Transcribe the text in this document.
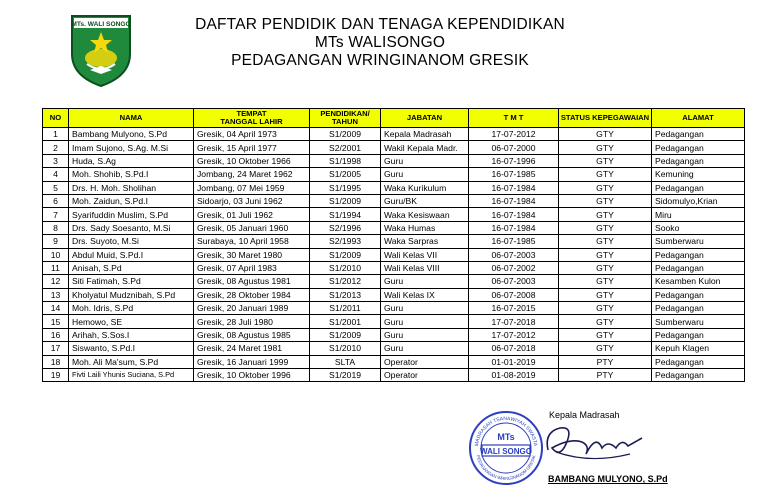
MTs. WALI SONGO	DAFTAR PENDIDIK DAN TENAGA KEPENDIDIKAN
MTs WALISONGO
PEDAGANGAN WRINGINANOM GRESIK
NO	NAMA	TEMPAT TANGGAL LAHIR	PENDIDIKAN/ TAHUN	JABATAN	T M T	STATUS KEPEGAWAIAN	ALAMAT
1	Bambang Mulyono, S.Pd	Gresik, 04 April 1973	S1/2009	Kepala Madrasah	17-07-2012	GTY	Pedagangan
2	Imam Sujono, S.Ag. M.Si	Gresik, 15 April 1977	S2/2001	Wakil Kepala Madr.	06-07-2000	GTY	Pedagangan
3	Huda, S.Ag	Gresik, 10 Oktober 1966	S1/1998	Guru	16-07-1996	GTY	Pedagangan
4	Moh. Shohib, S.Pd.I	Jombang, 24 Maret 1962	S1/2005	Guru	16-07-1985	GTY	Kemuning
5	Drs. H. Moh. Sholihan	Jombang, 07 Mei 1959	S1/1995	Waka Kurikulum	16-07-1984	GTY	Pedagangan
6	Moh. Zaidun, S.Pd.I	Sidoarjo, 03 Juni 1962	S1/2009	Guru/BK	16-07-1984	GTY	Sidomulyo,Krian
7	Syarifuddin Muslim, S.Pd	Gresik, 01 Juli 1962	S1/1994	Waka Kesiswaan	16-07-1984	GTY	Miru
8	Drs. Sady Soesanto, M.Si	Gresik, 05 Januari 1960	S2/1996	Waka Humas	16-07-1984	GTY	Sooko
9	Drs. Suyoto, M.Si	Surabaya, 10 April 1958	S2/1993	Waka Sarpras	16-07-1985	GTY	Sumberwaru
10	Abdul Muid, S.Pd.I	Gresik, 30 Maret 1980	S1/2009	Wali Kelas VII	06-07-2003	GTY	Pedagangan
11	Anisah, S.Pd	Gresik, 07 April 1983	S1/2010	Wali Kelas VIII	06-07-2002	GTY	Pedagangan
12	Siti Fatimah, S.Pd	Gresik, 08 Agustus 1981	S1/2012	Guru	06-07-2003	GTY	Kesamben Kulon
13	Kholyatul Mudznibah, S.Pd	Gresik, 28 Oktober 1984	S1/2013	Wali Kelas IX	06-07-2008	GTY	Pedagangan
14	Moh. Idris, S.Pd	Gresik, 20 Januari 1989	S1/2011	Guru	16-07-2015	GTY	Pedagangan
15	Hemowo, SE	Gresik, 28 Juli 1980	S1/2001	Guru	17-07-2018	GTY	Sumberwaru
16	Arihah, S.Sos.I	Gresik, 08 Agustus 1985	S1/2009	Guru	17-07-2012	GTY	Pedagangan
17	Siswanto, S.Pd.I	Gresik, 24 Maret 1981	S1/2010	Guru	06-07-2018	GTY	Kepuh Klagen
18	Moh. Ali Ma'sum, S.Pd	Gresik, 16 Januari 1999	SLTA	Operator	01-01-2019	PTY	Pedagangan
19	Fivti Laili Yhunis Suciana, S.Pd	Gresik, 10 Oktober 1996	S1/2019	Operator	01-08-2019	PTY	Pedagangan
MADRASAH TSANAWIYAH SWASTA
PEDAGANGAN WRINGINANOM GRESIK
MTs
WALI SONGO
Kepala Madrasah
BAMBANG MULYONO, S.Pd
